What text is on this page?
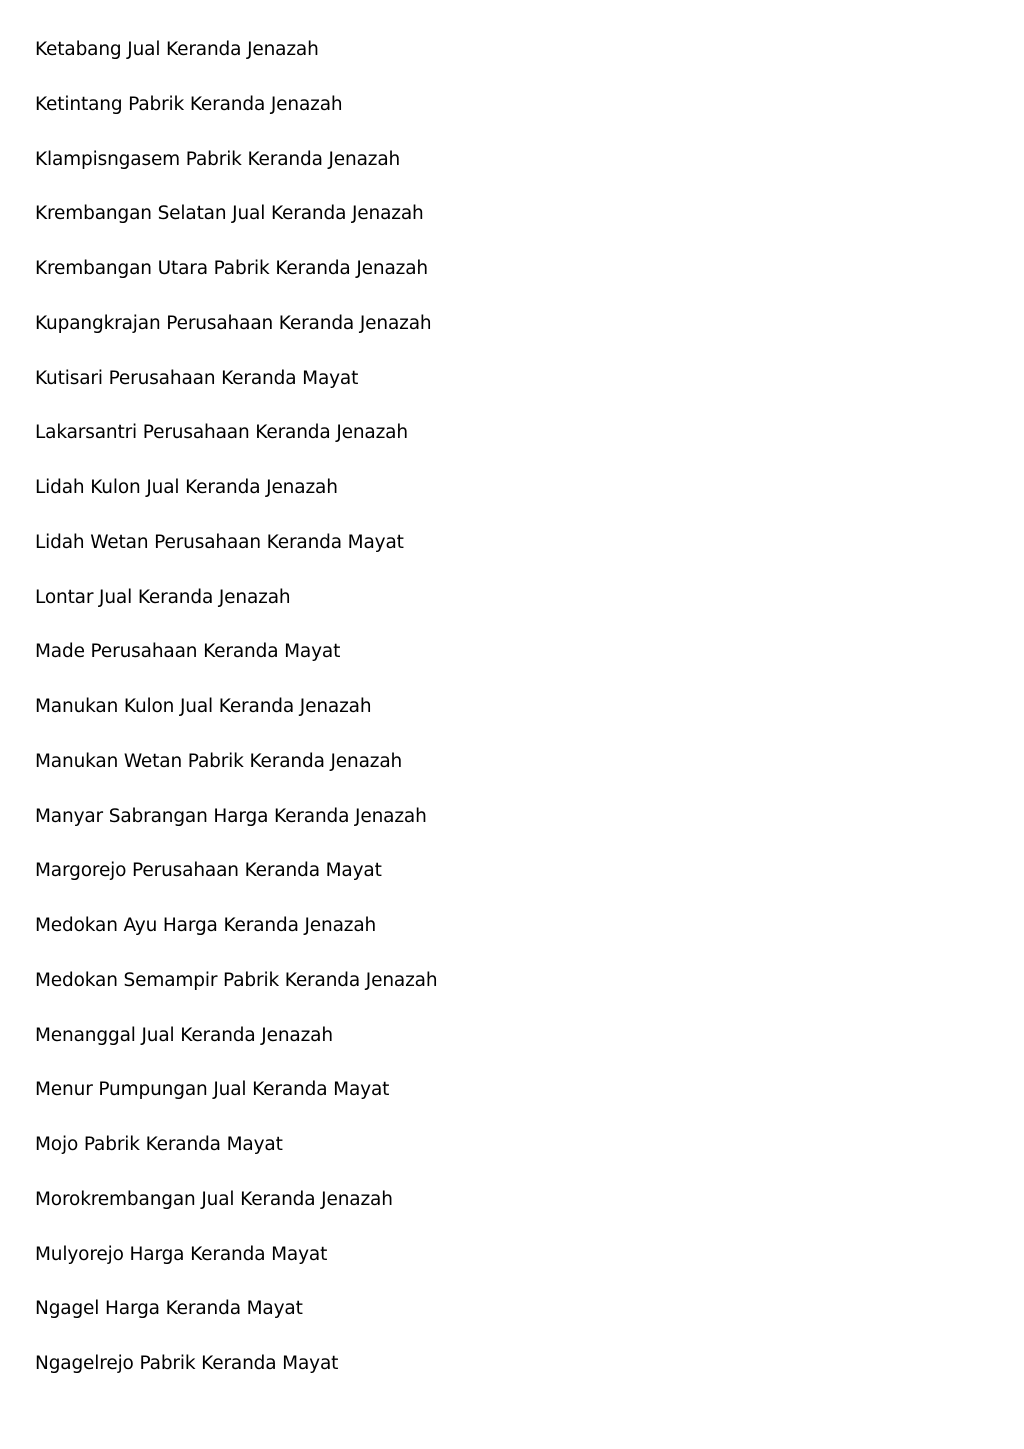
Ketabang Jual Keranda Jenazah
Ketintang Pabrik Keranda Jenazah
Klampisngasem Pabrik Keranda Jenazah
Krembangan Selatan Jual Keranda Jenazah
Krembangan Utara Pabrik Keranda Jenazah
Kupangkrajan Perusahaan Keranda Jenazah
Kutisari Perusahaan Keranda Mayat
Lakarsantri Perusahaan Keranda Jenazah
Lidah Kulon Jual Keranda Jenazah
Lidah Wetan Perusahaan Keranda Mayat
Lontar Jual Keranda Jenazah
Made Perusahaan Keranda Mayat
Manukan Kulon Jual Keranda Jenazah
Manukan Wetan Pabrik Keranda Jenazah
Manyar Sabrangan Harga Keranda Jenazah
Margorejo Perusahaan Keranda Mayat
Medokan Ayu Harga Keranda Jenazah
Medokan Semampir Pabrik Keranda Jenazah
Menanggal Jual Keranda Jenazah
Menur Pumpungan Jual Keranda Mayat
Mojo Pabrik Keranda Mayat
Morokrembangan Jual Keranda Jenazah
Mulyorejo Harga Keranda Mayat
Ngagel Harga Keranda Mayat
Ngagelrejo Pabrik Keranda Mayat
